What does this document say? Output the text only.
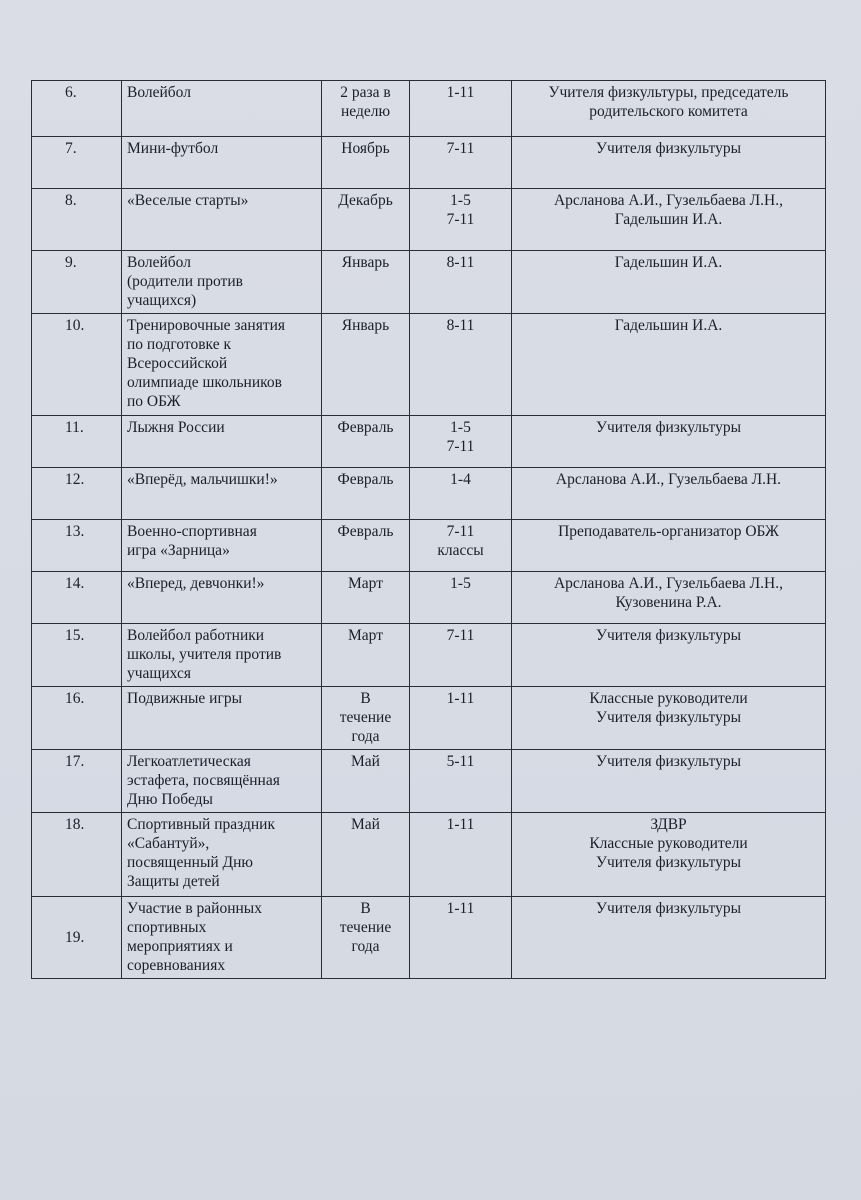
6.	Волейбол	2 раза в
неделю	1-11	Учителя физкультуры, председатель
родительского комитета

7.	Мини-футбол	Ноябрь	7-11	Учителя физкультуры

8.	«Веселые старты»	Декабрь	1-5
7-11	Арсланова А.И., Гузельбаева Л.Н.,
Гадельшин И.А.

9.	Волейбол
(родители против
учащихся)	Январь	8-11	Гадельшин И.А.

10.	Тренировочные занятия
по подготовке к
Всероссийской
олимпиаде школьников
по ОБЖ	Январь	8-11	Гадельшин И.А.

11.	Лыжня России	Февраль	1-5
7-11	Учителя физкультуры

12.	«Вперёд, мальчишки!»	Февраль	1-4	Арсланова А.И., Гузельбаева Л.Н.

13.	Военно-спортивная
игра «Зарница»	Февраль	7-11
классы	Преподаватель-организатор ОБЖ

14.	«Вперед, девчонки!»	Март	1-5	Арсланова А.И., Гузельбаева Л.Н.,
Кузовенина Р.А.

15.	Волейбол работники
школы, учителя против
учащихся	Март	7-11	Учителя физкультуры

16.	Подвижные игры	В
течение
года	1-11	Классные руководители
Учителя физкультуры

17.	Легкоатлетическая
эстафета, посвящённая
Дню Победы	Май	5-11	Учителя физкультуры

18.	Спортивный праздник
«Сабантуй»,
посвященный Дню
Защиты детей	Май	1-11	ЗДВР
Классные руководители
Учителя физкультуры

19.	Участие в районных
спортивных
мероприятиях и
соревнованиях	В
течение
года	1-11	Учителя физкультуры
